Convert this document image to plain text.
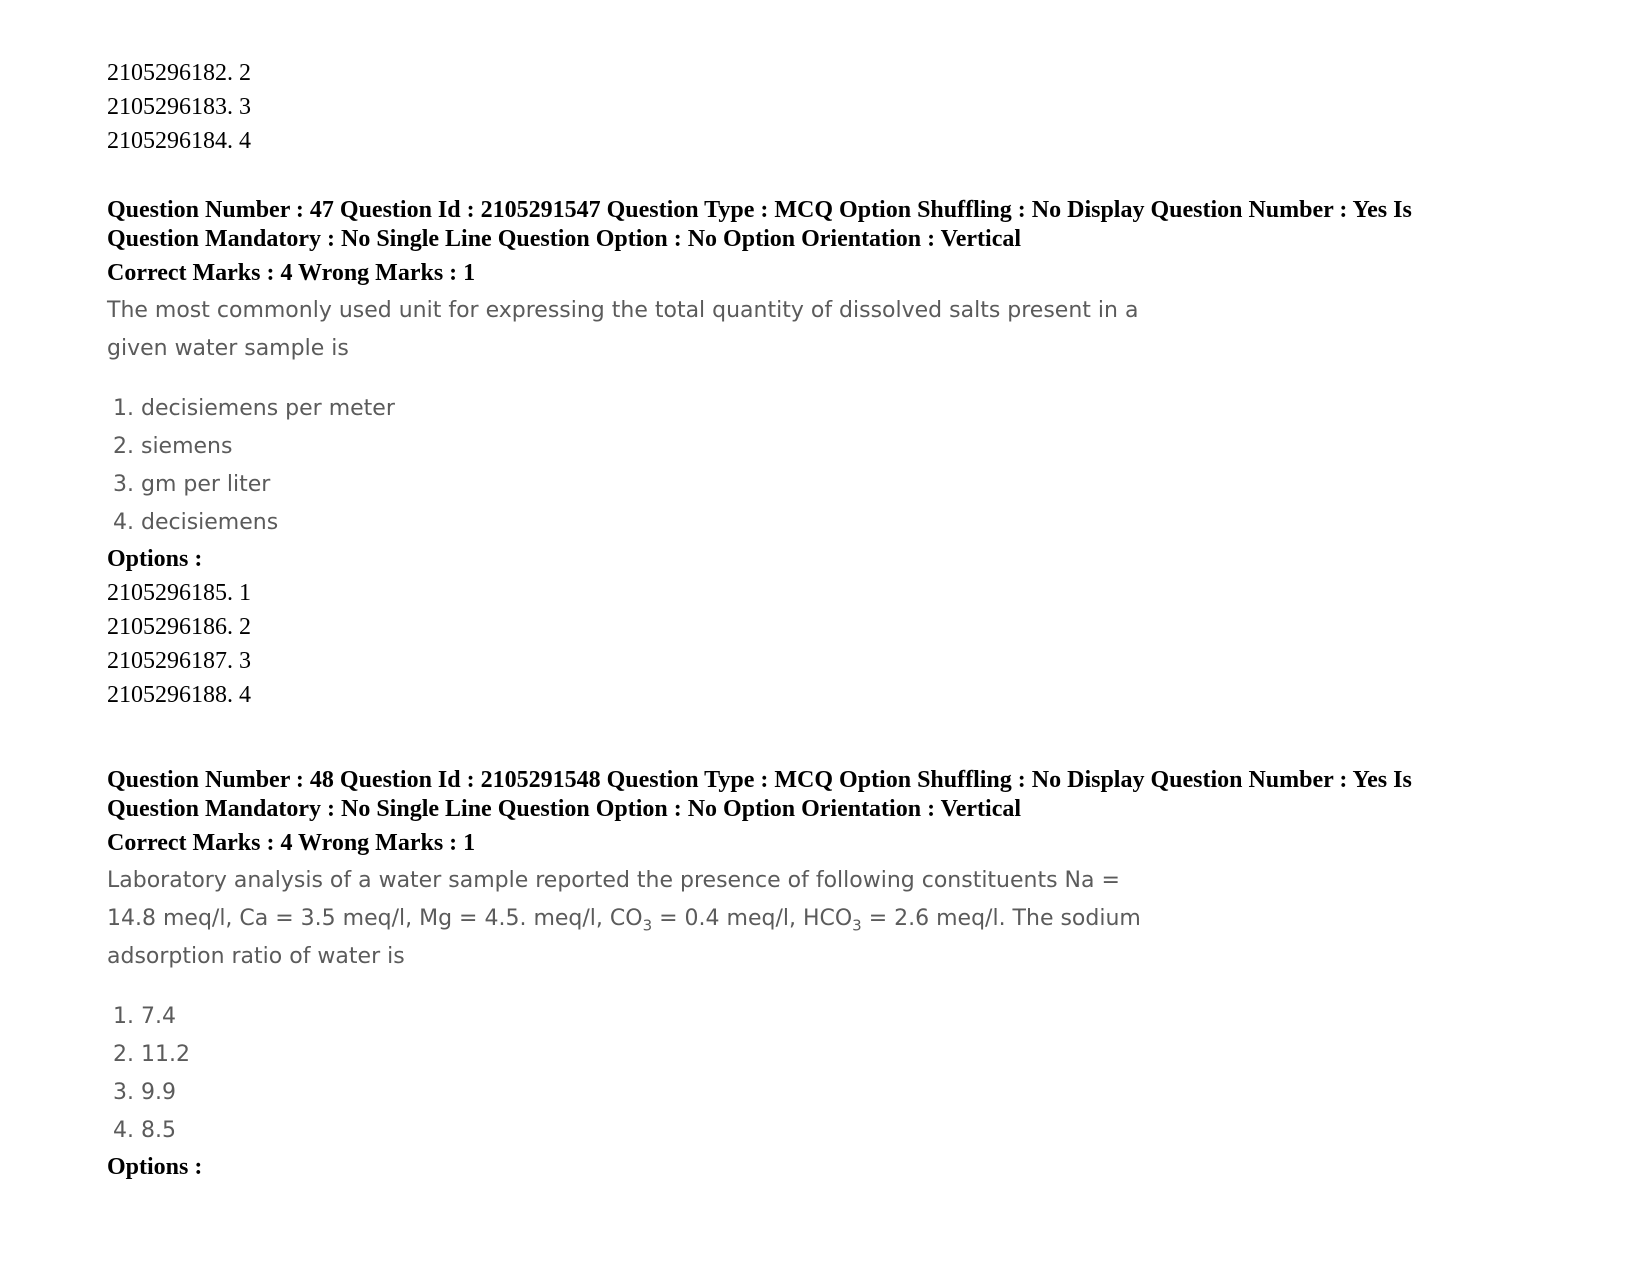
2105296182. 2
2105296183. 3
2105296184. 4
Question Number : 47 Question Id : 2105291547 Question Type : MCQ Option Shuffling : No Display Question Number : Yes Is
Question Mandatory : No Single Line Question Option : No Option Orientation : Vertical
Correct Marks : 4 Wrong Marks : 1
The most commonly used unit for expressing the total quantity of dissolved salts present in a
given water sample is
1. decisiemens per meter
2. siemens
3. gm per liter
4. decisiemens
Options :
2105296185. 1
2105296186. 2
2105296187. 3
2105296188. 4
Question Number : 48 Question Id : 2105291548 Question Type : MCQ Option Shuffling : No Display Question Number : Yes Is
Question Mandatory : No Single Line Question Option : No Option Orientation : Vertical
Correct Marks : 4 Wrong Marks : 1
Laboratory analysis of a water sample reported the presence of following constituents Na =
14.8 meq/l, Ca = 3.5 meq/l, Mg = 4.5. meq/l, $CO_3 = 0.4$ meq/l, $HCO_3 = 2.6$ meq/l. The sodium
adsorption ratio of water is
1. 7.4
2. 11.2
3. 9.9
4. 8.5
Options :
